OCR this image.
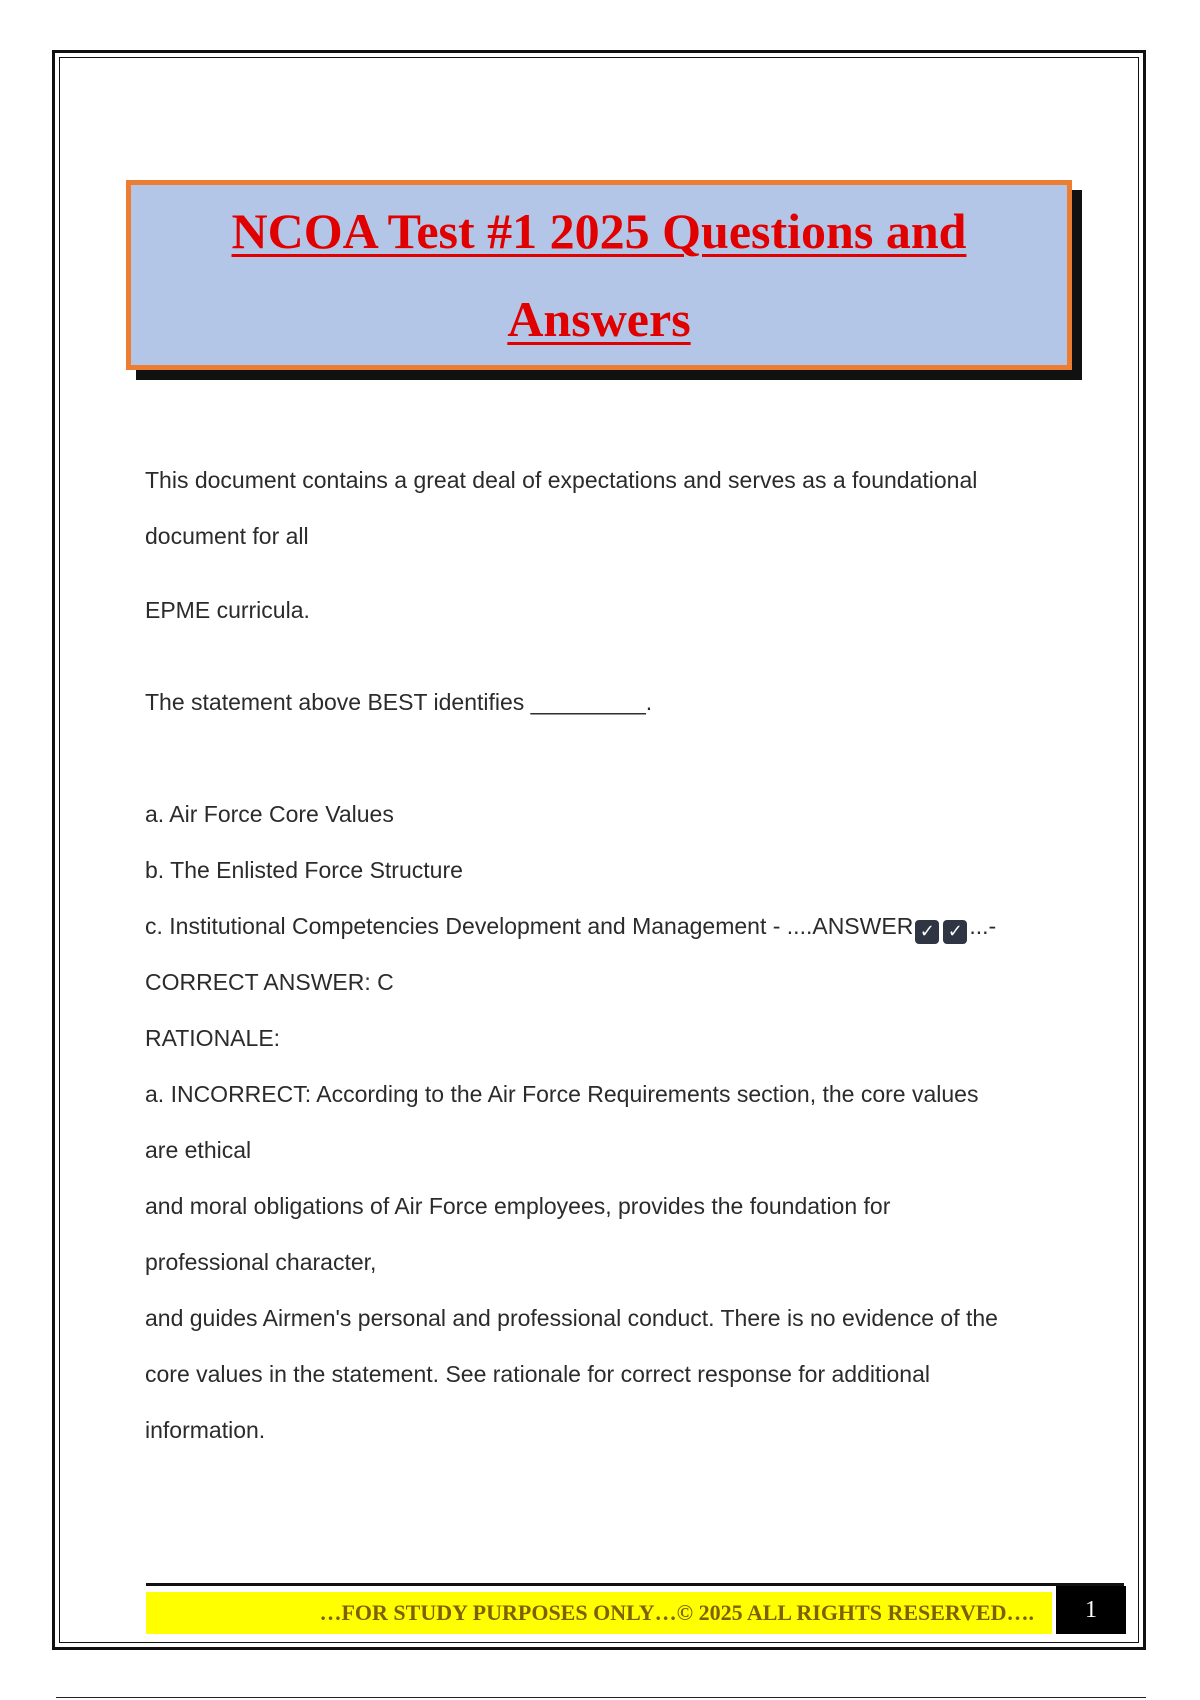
NCOA Test #1 2025 Questions and
Answers

This document contains a great deal of expectations and serves as a foundational

document for all

EPME curricula.

The statement above BEST identifies _________.

a. Air Force Core Values

b. The Enlisted Force Structure

c. Institutional Competencies Development and Management - ....ANSWER ✓ ✓ ...-

CORRECT ANSWER: C

RATIONALE:

a. INCORRECT: According to the Air Force Requirements section, the core values

are ethical

and moral obligations of Air Force employees, provides the foundation for

professional character,

and guides Airmen's personal and professional conduct. There is no evidence of the

core values in the statement. See rationale for correct response for additional

information.

…FOR STUDY PURPOSES ONLY…© 2025 ALL RIGHTS RESERVED…. 1
